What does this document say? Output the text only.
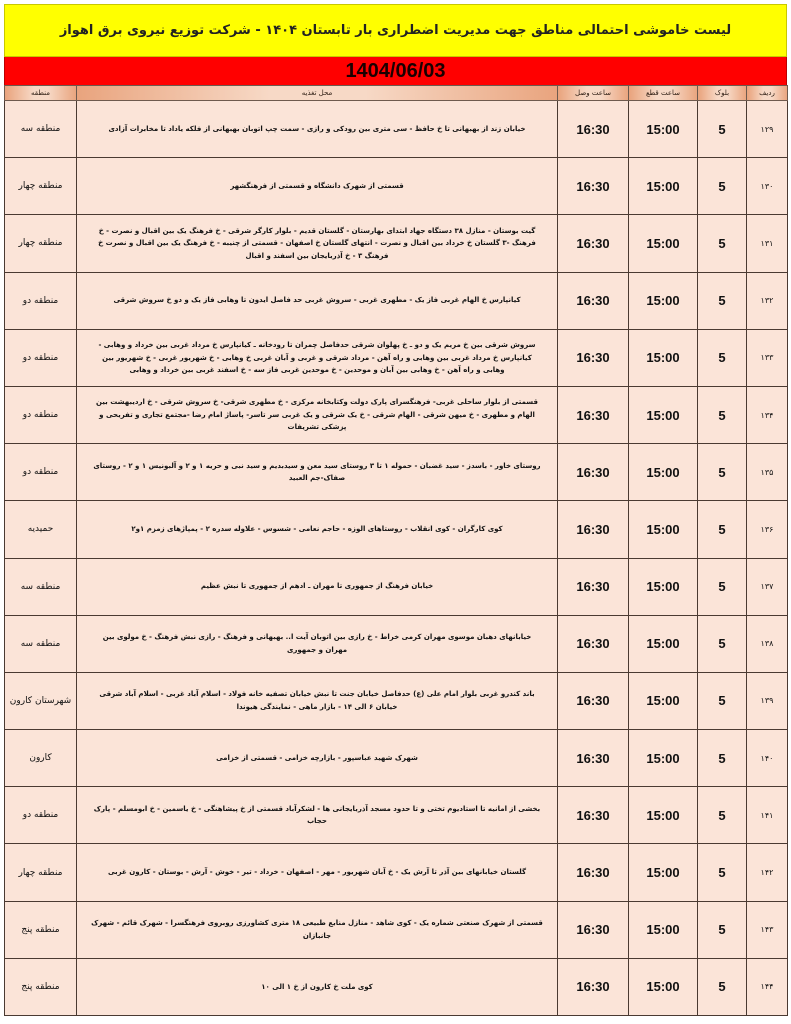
لیست خاموشی احتمالی مناطق جهت مدیریت اضطراری بار تابستان ۱۴۰۴ - شرکت توزیع نیروی برق اهواز
1404/06/03
منطقه	محل تغذیه	ساعت وصل	ساعت قطع	بلوک	ردیف
منطقه سه	خیابان زند از بهبهانی تا خ حافظ - سی متری بین رودکی و رازی - سمت چپ اتوبان بهبهانی از فلکه یاداد تا مخابرات آزادی	16:30	15:00	5	۱۲۹
منطقه چهار	قسمتی از شهرک دانشگاه و قسمتی از فرهنگشهر	16:30	15:00	5	۱۳۰
منطقه چهار	گیت بوستان - منازل ۳۸ دستگاه جهاد ابتدای بهارستان - گلستان قدیم - بلوار کارگر شرقی - خ فرهنگ یک بین اقبال و نصرت - خ فرهنگ -۳ گلستان خ خرداد بین اقبال و نصرت - انتهای گلستان خ اصفهان - قسمتی از چنیبه - خ فرهنگ یک بین اقبال و نصرت خ فرهنگ ۳ - خ آذربایجان بین اسفند و اقبال	16:30	15:00	5	۱۳۱
منطقه دو	کیانپارس خ الهام غربی فاز یک - مطهری غربی - سروش غربی حد فاصل ایدون تا وهابی فاز یک و دو خ سروش شرقی	16:30	15:00	5	۱۳۲
منطقه دو	سروش شرقی بین خ مریم یک و دو ـ خ پهلوان شرقی حدفاصل چمران تا رودخانه ـ کیانپارس خ مرداد غربی بین خرداد و وهابی - کیانپارس خ مرداد غربی بین وهابی و راه آهن - مرداد شرقی و غربی و آبان غربی خ وهابی - خ شهریور غربی - خ شهریور بین وهابی و راه آهن - خ وهابی بین آبان و موحدین - خ موحدین غربی فاز سه - خ اسفند غربی بین خرداد و وهابی	16:30	15:00	5	۱۳۳
منطقه دو	قسمتی از بلوار ساحلی غربی- فرهنگسرای پارک دولت وکتابخانه مرکزی - خ مطهری شرقی- خ سروش شرقی - خ اردیبهشت بین الهام و مطهری - خ میهن شرقی - الهام شرقی - خ یک شرقی و یک غربی سر تاسر- پاساژ امام رضا -مجتمع تجاری و تفریحی و پزشکی تشریفات	16:30	15:00	5	۱۳۴
منطقه دو	روستای خاور - باسدز - سید غضبان - حموله ۱ تا ۳ روستای سید معن و سیدبدیم و سید نبی و حریه ۱ و ۲ و آلبونیس ۱ و ۲ - روستای صفاک-جم العبید	16:30	15:00	5	۱۳۵
حمیدیه	کوی کارگران - کوی انقلاب - روستاهای الوزه - حاجم نعامی - شسوس - علاوله سدره ۲ - پمپاژهای زمزم ۱و۲	16:30	15:00	5	۱۳۶
منطقه سه	خیابان فرهنگ از جمهوری تا مهران ـ ادهم از جمهوری تا نبش عظیم	16:30	15:00	5	۱۳۷
منطقه سه	خیابانهای دهبان موسوی مهران کرمی خراط - خ رازی بین اتوبان آیت ا.. بهبهانی و فرهنگ - رازی نبش فرهنگ - خ مولوی بین مهران و جمهوری	16:30	15:00	5	۱۳۸
شهرستان کارون	باند کندرو غربی بلوار امام علی (ع) حدفاصل خیابان جنت تا نبش خیابان تصفیه خانه فولاد - اسلام آباد غربی - اسلام آباد شرقی خیابان ۶ الی ۱۴ - بازار ماهی - نمایندگی هیوندا	16:30	15:00	5	۱۳۹
کارون	شهرک شهید عباسپور - بازارچه خزامی - قسمتی از خزامی	16:30	15:00	5	۱۴۰
منطقه دو	بخشی از امانیه تا استادیوم تختی و تا حدود مسجد آذربایجانی ها - لشکرآباد قسمتی از خ پیشاهنگی - خ یاسمین - خ ابومسلم - پارک حجاب	16:30	15:00	5	۱۴۱
منطقه چهار	گلستان خیابانهای بین آذر تا آرش یک - خ آبان شهریور - مهر - اصفهان - خرداد - تیر - خوش - آرش - بوستان - کارون غربی	16:30	15:00	5	۱۴۲
منطقه پنج	قسمتی از شهرک صنعتی شماره یک - کوی شاهد - منازل منابع طبیعی ۱۸ متری کشاورزی روبروی فرهنگسرا - شهرک قائم - شهرک جانبازان	16:30	15:00	5	۱۴۳
منطقه پنج	کوی ملت خ کارون از خ ۱ الی ۱۰	16:30	15:00	5	۱۴۴
